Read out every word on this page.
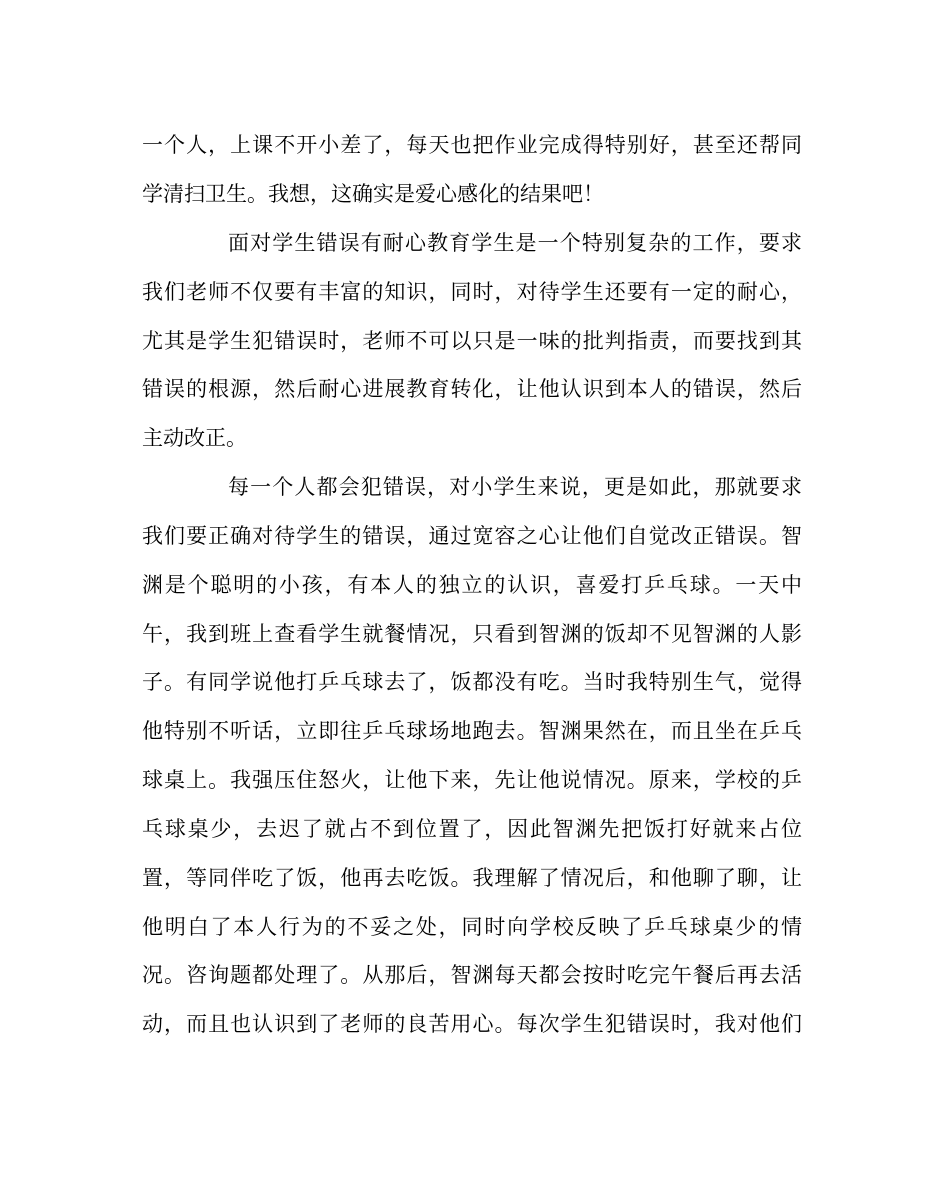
一个人，上课不开小差了，每天也把作业完成得特别好，甚至还帮同
学清扫卫生。我想，这确实是爱心感化的结果吧！
面对学生错误有耐心教育学生是一个特别复杂的工作，要求
我们老师不仅要有丰富的知识，同时，对待学生还要有一定的耐心，
尤其是学生犯错误时，老师不可以只是一味的批判指责，而要找到其
错误的根源，然后耐心进展教育转化，让他认识到本人的错误，然后
主动改正。
每一个人都会犯错误，对小学生来说，更是如此，那就要求
我们要正确对待学生的错误，通过宽容之心让他们自觉改正错误。智
渊是个聪明的小孩，有本人的独立的认识，喜爱打乒乓球。一天中
午，我到班上查看学生就餐情况，只看到智渊的饭却不见智渊的人影
子。有同学说他打乒乓球去了，饭都没有吃。当时我特别生气，觉得
他特别不听话，立即往乒乓球场地跑去。智渊果然在，而且坐在乒乓
球桌上。我强压住怒火，让他下来，先让他说情况。原来，学校的乒
乓球桌少，去迟了就占不到位置了，因此智渊先把饭打好就来占位
置，等同伴吃了饭，他再去吃饭。我理解了情况后，和他聊了聊，让
他明白了本人行为的不妥之处，同时向学校反映了乒乓球桌少的情
况。咨询题都处理了。从那后，智渊每天都会按时吃完午餐后再去活
动，而且也认识到了老师的良苦用心。每次学生犯错误时，我对他们
